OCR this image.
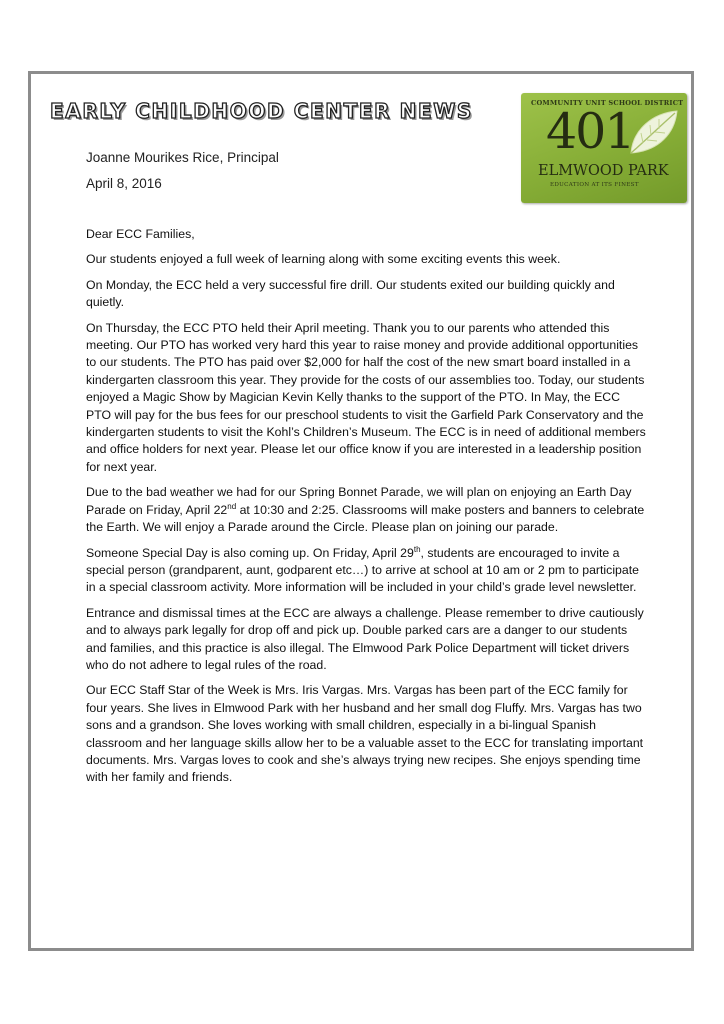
EARLY CHILDHOOD CENTER NEWS
Joanne Mourikes Rice, Principal
April 8, 2016
COMMUNITY UNIT SCHOOL DISTRICT
401
ELMWOOD PARK
EDUCATION AT ITS FINEST

Dear ECC Families,

Our students enjoyed a full week of learning along with some exciting events this week.

On Monday, the ECC held a very successful fire drill. Our students exited our building quickly and quietly.

On Thursday, the ECC PTO held their April meeting. Thank you to our parents who attended this meeting. Our PTO has worked very hard this year to raise money and provide additional opportunities to our students. The PTO has paid over $2,000 for half the cost of the new smart board installed in a kindergarten classroom this year. They provide for the costs of our assemblies too. Today, our students enjoyed a Magic Show by Magician Kevin Kelly thanks to the support of the PTO. In May, the ECC PTO will pay for the bus fees for our preschool students to visit the Garfield Park Conservatory and the kindergarten students to visit the Kohl’s Children’s Museum. The ECC is in need of additional members and office holders for next year. Please let our office know if you are interested in a leadership position for next year.

Due to the bad weather we had for our Spring Bonnet Parade, we will plan on enjoying an Earth Day Parade on Friday, April 22nd at 10:30 and 2:25. Classrooms will make posters and banners to celebrate the Earth. We will enjoy a Parade around the Circle. Please plan on joining our parade.

Someone Special Day is also coming up. On Friday, April 29th, students are encouraged to invite a special person (grandparent, aunt, godparent etc…) to arrive at school at 10 am or 2 pm to participate in a special classroom activity. More information will be included in your child’s grade level newsletter.

Entrance and dismissal times at the ECC are always a challenge. Please remember to drive cautiously and to always park legally for drop off and pick up. Double parked cars are a danger to our students and families, and this practice is also illegal. The Elmwood Park Police Department will ticket drivers who do not adhere to legal rules of the road.

Our ECC Staff Star of the Week is Mrs. Iris Vargas. Mrs. Vargas has been part of the ECC family for four years. She lives in Elmwood Park with her husband and her small dog Fluffy. Mrs. Vargas has two sons and a grandson. She loves working with small children, especially in a bi-lingual Spanish classroom and her language skills allow her to be a valuable asset to the ECC for translating important documents. Mrs. Vargas loves to cook and she’s always trying new recipes. She enjoys spending time with her family and friends.
